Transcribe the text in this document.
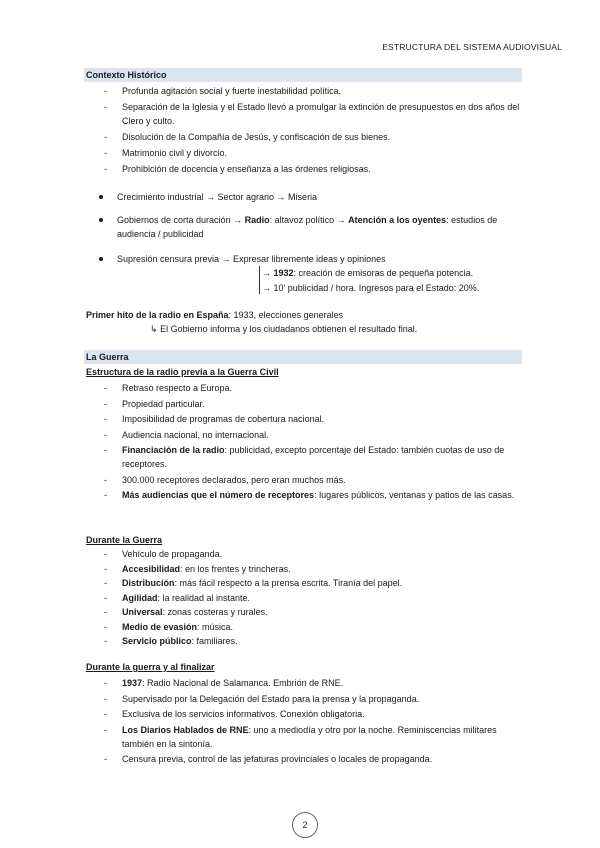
ESTRUCTURA DEL SISTEMA AUDIOVISUAL
Contexto Histórico
- Profunda agitación social y fuerte inestabilidad política.
- Separación de la Iglesia y el Estado llevó a promulgar la extinción de presupuestos en dos años del Clero y culto.
- Disolución de la Compañía de Jesús, y confiscación de sus bienes.
- Matrimonio civil y divorcio.
- Prohibición de docencia y enseñanza a las órdenes religiosas.
Crecimiento industrial → Sector agrario → Miseria
Gobiernos de corta duración → Radio: altavoz político → Atención a los oyentes: estudios de audiencia / publicidad
Supresión censura previa → Expresar libremente ideas y opiniones
→ 1932: creación de emisoras de pequeña potencia.
→ 10’ publicidad / hora. Ingresos para el Estado: 20%.
Primer hito de la radio en España: 1933, elecciones generales
↳ El Gobierno informa y los ciudadanos obtienen el resultado final.
La Guerra
Estructura de la radio previa a la Guerra Civil
- Retraso respecto a Europa.
- Propiedad particular.
- Imposibilidad de programas de cobertura nacional.
- Audiencia nacional, no internacional.
- Financiación de la radio: publicidad, excepto porcentaje del Estado: también cuotas de uso de receptores.
- 300.000 receptores declarados, pero eran muchos más.
- Más audiencias que el número de receptores: lugares públicos, ventanas y patios de las casas.
Durante la Guerra
- Vehículo de propaganda.
- Accesibilidad: en los frentes y trincheras.
- Distribución: más fácil respecto a la prensa escrita. Tiranía del papel.
- Agilidad: la realidad al instante.
- Universal: zonas costeras y rurales.
- Medio de evasión: música.
- Servicio público: familiares.
Durante la guerra y al finalizar
- 1937: Radio Nacional de Salamanca. Embrión de RNE.
- Supervisado por la Delegación del Estado para la prensa y la propaganda.
- Exclusiva de los servicios informativos. Conexión obligatoria.
- Los Diarios Hablados de RNE: uno a mediodía y otro por la noche. Reminiscencias militares también en la sintonía.
- Censura previa, control de las jefaturas provinciales o locales de propaganda.
2
